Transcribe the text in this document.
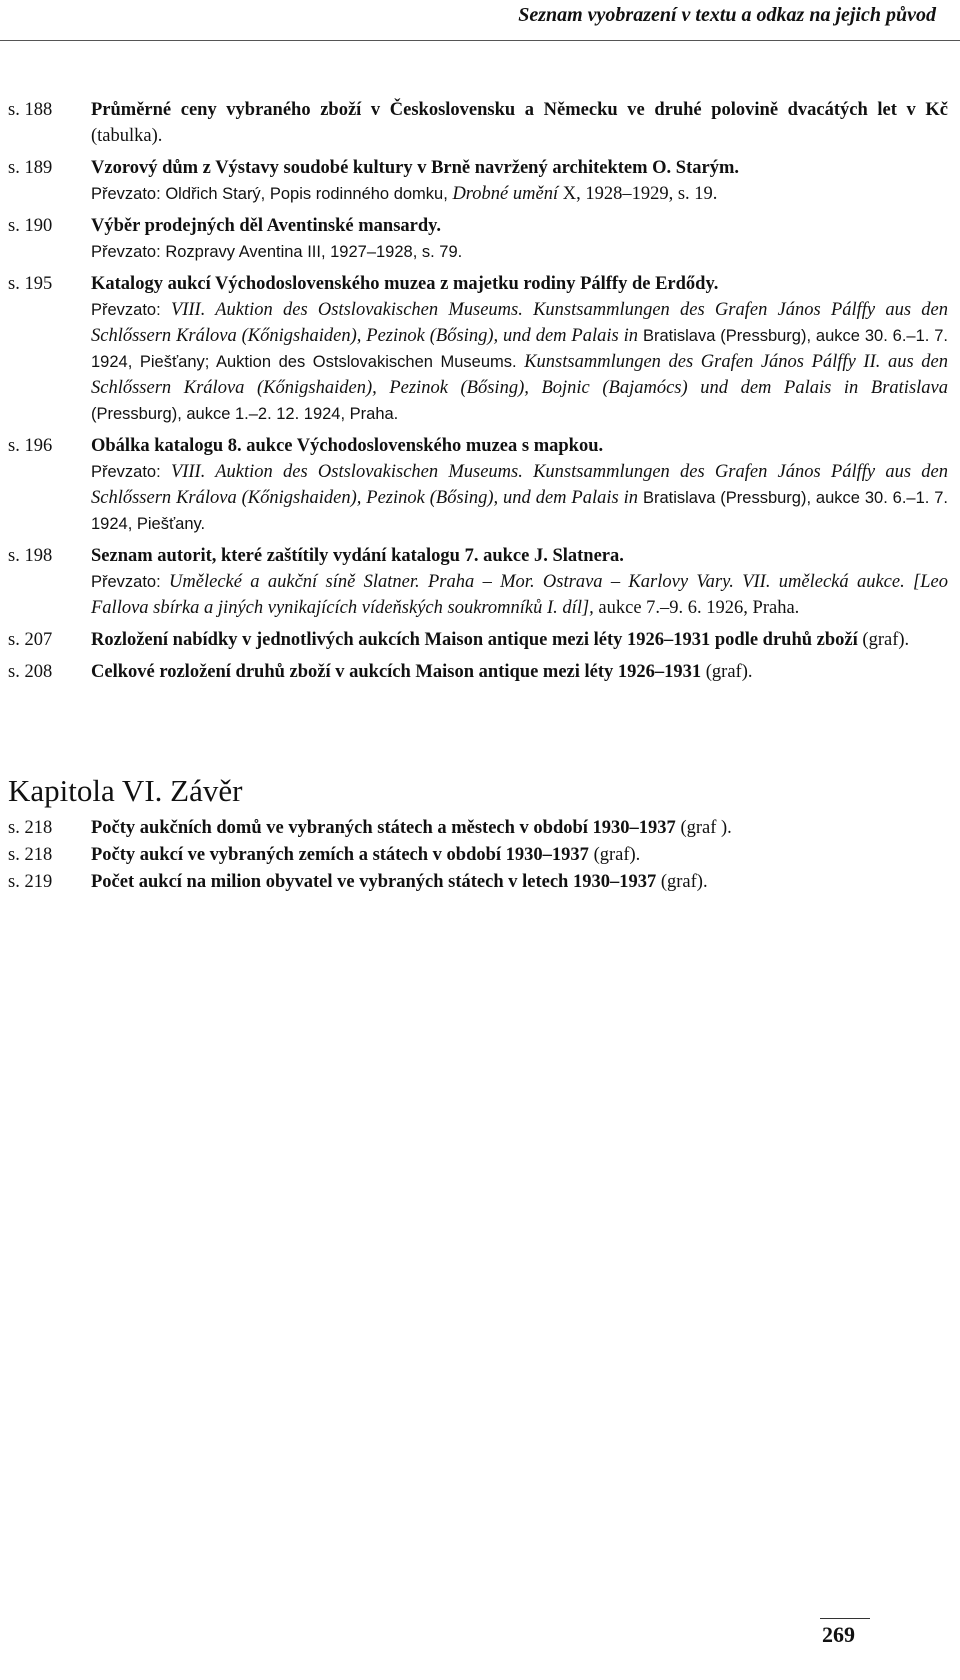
Seznam vyobrazení v textu a odkaz na jejich původ
s. 188	Průměrné ceny vybraného zboží v Československu a Německu ve druhé polovině dvacátých let v Kč (tabulka).
s. 189	Vzorový dům z Výstavy soudobé kultury v Brně navržený architektem O. Starým.
Převzato: Oldřich Starý, Popis rodinného domku, Drobné umění X, 1928–1929, s. 19.
s. 190	Výběr prodejných děl Aventinské mansardy.
Převzato: Rozpravy Aventina III, 1927–1928, s. 79.
s. 195	Katalogy aukcí Východoslovenského muzea z majetku rodiny Pálffy de Erdődy.
Převzato: VIII. Auktion des Ostslovakischen Museums. Kunstsammlungen des Grafen János Pálffy aus den Schlőssern Králova (Kőnigshaiden), Pezinok (Bősing), und dem Palais in Bratislava (Pressburg), aukce 30. 6.–1. 7. 1924, Piešťany; Auktion des Ostslovakischen Museums. Kunstsammlungen des Grafen János Pálffy II. aus den Schlőssern Králova (Kőnigshaiden), Pezinok (Bősing), Bojnic (Bajamócs) und dem Palais in Bratislava (Pressburg), aukce 1.–2. 12. 1924, Praha.
s. 196	Obálka katalogu 8. aukce Východoslovenského muzea s mapkou.
Převzato: VIII. Auktion des Ostslovakischen Museums. Kunstsammlungen des Grafen János Pálffy aus den Schlőssern Králova (Kőnigshaiden), Pezinok (Bősing), und dem Palais in Bratislava (Pressburg), aukce 30. 6.–1. 7. 1924, Piešťany.
s. 198	Seznam autorit, které zaštítily vydání katalogu 7. aukce J. Slatnera.
Převzato: Umělecké a aukční síně Slatner. Praha – Mor. Ostrava – Karlovy Vary. VII. umělecká aukce. [Leo Fallova sbírka a jiných vynikajících vídeňských soukromníků I. díl], aukce 7.–9. 6. 1926, Praha.
s. 207	Rozložení nabídky v jednotlivých aukcích Maison antique mezi léty 1926–1931 podle druhů zboží (graf).
s. 208	Celkové rozložení druhů zboží v aukcích Maison antique mezi léty 1926–1931 (graf).
Kapitola VI. Závěr
s. 218	Počty aukčních domů ve vybraných státech a městech v období 1930–1937 (graf ).
s. 218	Počty aukcí ve vybraných zemích a státech v období 1930–1937 (graf).
s. 219	Počet aukcí na milion obyvatel ve vybraných státech v letech 1930–1937 (graf).
269
